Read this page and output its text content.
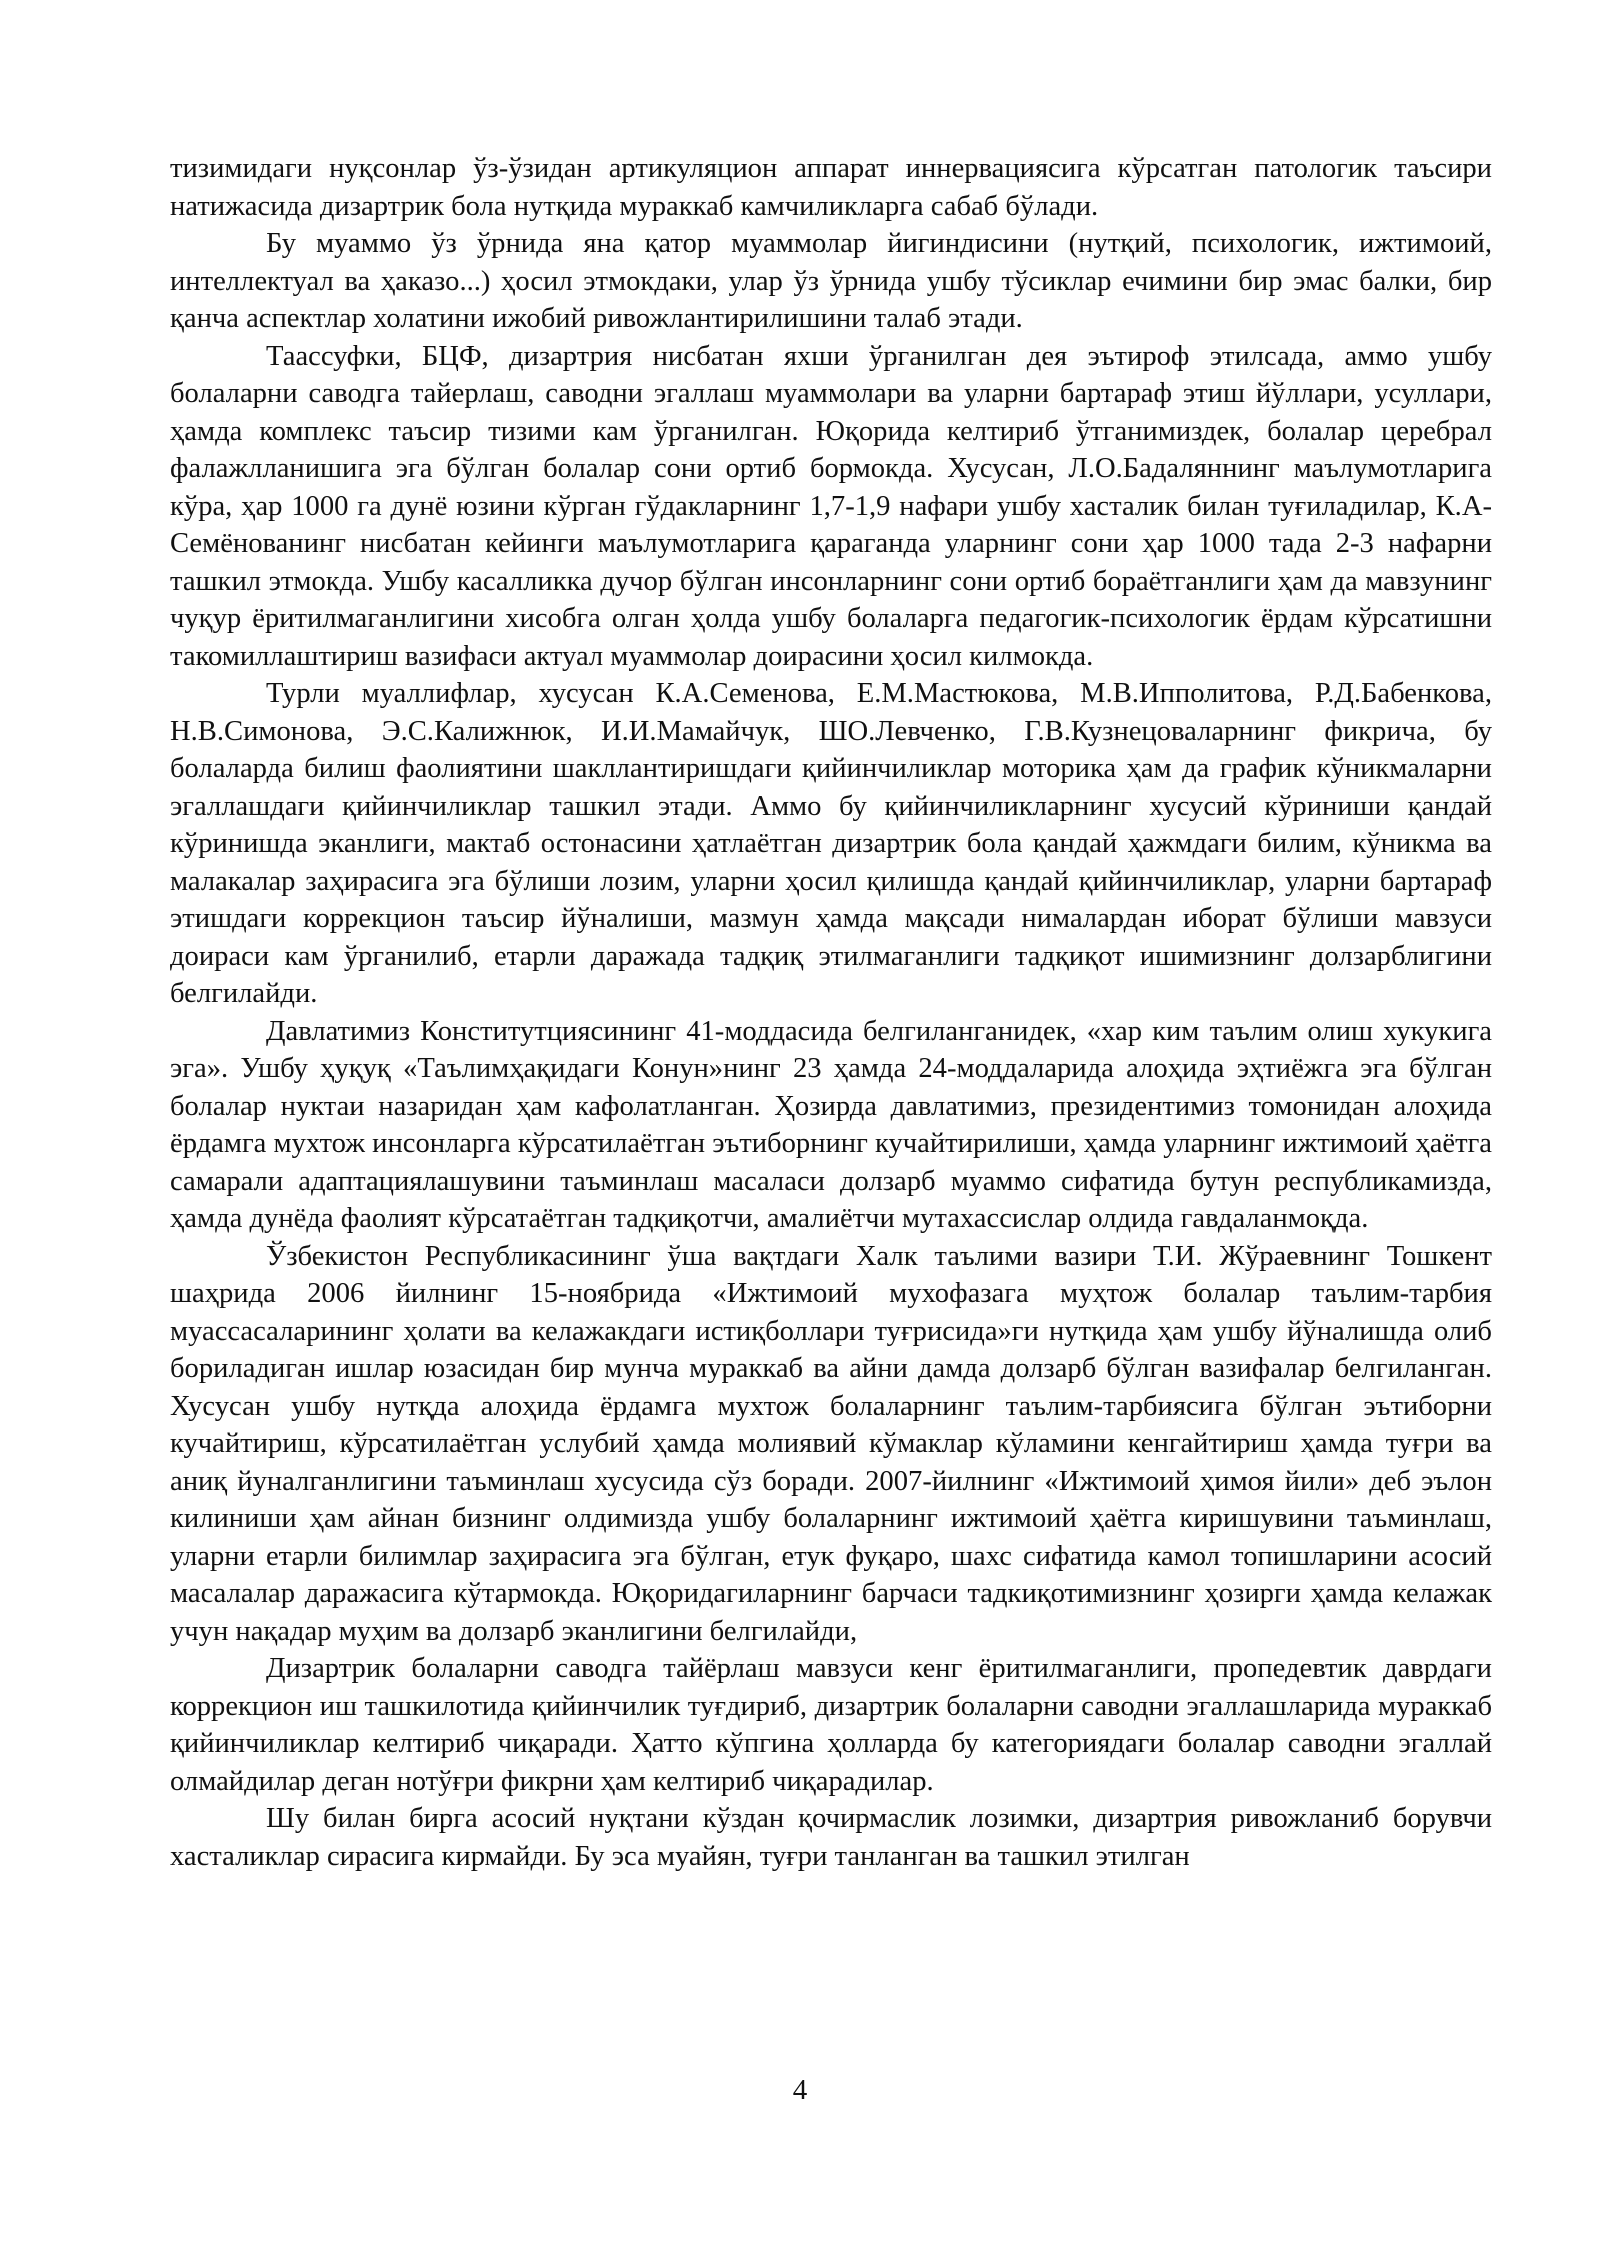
тизимидаги нуқсонлар ўз-ўзидан артикуляцион аппарат иннервациясига кўрсатган патологик таъсири натижасида дизартрик бола нутқида мураккаб камчиликларга сабаб бўлади.

Бу муаммо ўз ўрнида яна қатор муаммолар йигиндисини (нутқий, психологик, ижтимоий, интеллектуал ва ҳаказо...) ҳосил этмокдаки, улар ўз ўрнида ушбу тўсиклар ечимини бир эмас балки, бир қанча аспектлар холатини ижобий ривожлантирилишини талаб этади.

Таассуфки, БЦФ, дизартрия нисбатан яхши ўрганилган дея эътироф этилсада, аммо ушбу болаларни саводга тайерлаш, саводни эгаллаш муаммолари ва уларни бартараф этиш йўллари, усуллари, ҳамда комплекс таъсир тизими кам ўрганилган. Юқорида келтириб ўтганимиздек, болалар церебрал фалажлланишига эга бўлган болалар сони ортиб бормокда. Хусусан, Л.О.Бадаляннинг маълумотларига кўра, ҳар 1000 га дунё юзини кўрган гўдакларнинг 1,7-1,9 нафари ушбу хасталик билан туғиладилар, К.А-Семёнованинг нисбатан кейинги маълумотларига қараганда уларнинг сони ҳар 1000 тада 2-3 нафарни ташкил этмокда. Ушбу касалликка дучор бўлган инсонларнинг сони ортиб бораётганлиги ҳам да мавзунинг чуқур ёритилмаганлигини хисобга олган ҳолда ушбу болаларга педагогик-психологик ёрдам кўрсатишни такомиллаштириш вазифаси актуал муаммолар доирасини ҳосил килмокда.

Турли муаллифлар, хусусан К.А.Семенова, Е.М.Мастюкова, М.В.Ипполитова, Р.Д.Бабенкова, Н.В.Симонова, Э.С.Калижнюк, И.И.Мамайчук, ШО.Левченко, Г.В.Кузнецоваларнинг фикрича, бу болаларда билиш фаолиятини шакллантиришдаги қийинчиликлар моторика ҳам да график кўникмаларни эгаллашдаги қийинчиликлар ташкил этади. Аммо бу қийинчиликларнинг хусусий кўриниши қандай кўринишда эканлиги, мактаб остонасини ҳатлаётган дизартрик бола қандай ҳажмдаги билим, кўникма ва малакалар заҳирасига эга бўлиши лозим, уларни ҳосил қилишда қандай қийинчиликлар, уларни бартараф этишдаги коррекцион таъсир йўналиши, мазмун ҳамда мақсади нималардан иборат бўлиши мавзуси доираси кам ўрганилиб, етарли даражада тадқиқ этилмаганлиги тадқиқот ишимизнинг долзарблигини белгилайди.

Давлатимиз Конститутциясининг 41-моддасида белгиланганидек, «хар ким таълим олиш хукукига эга». Ушбу ҳуқуқ «Таълимҳақидаги Конун»нинг 23 ҳамда 24-моддаларида алоҳида эҳтиёжга эга бўлган болалар нуктаи назаридан ҳам кафолатланган. Ҳозирда давлатимиз, президентимиз томонидан алоҳида ёрдамга мухтож инсонларга кўрсатилаётган эътиборнинг кучайтирилиши, ҳамда уларнинг ижтимоий ҳаётга самарали адаптациялашувини таъминлаш масаласи долзарб муаммо сифатида бутун республикамизда, ҳамда дунёда фаолият кўрсатаётган тадқиқотчи, амалиётчи мутахассислар олдида гавдаланмоқда.

Ўзбекистон Республикасининг ўша вақтдаги Халк таълими вазири Т.И. Жўраевнинг Тошкент шаҳрида 2006 йилнинг 15-ноябрида «Ижтимоий мухофазага муҳтож болалар таълим-тарбия муассасаларининг ҳолати ва келажакдаги истиқболлари туғрисида»ги нутқида ҳам ушбу йўналишда олиб бориладиган ишлар юзасидан бир мунча мураккаб ва айни дамда долзарб бўлган вазифалар белгиланган. Хусусан ушбу нутқда алоҳида ёрдамга мухтож болаларнинг таълим-тарбиясига бўлган эътиборни кучайтириш, кўрсатилаётган услубий ҳамда молиявий кўмаклар кўламини кенгайтириш ҳамда туғри ва аниқ йуналганлигини таъминлаш хусусида сўз боради. 2007-йилнинг «Ижтимоий ҳимоя йили» деб эълон килиниши ҳам айнан бизнинг олдимизда ушбу болаларнинг ижтимоий ҳаётга киришувини таъминлаш, уларни етарли билимлар заҳирасига эга бўлган, етук фуқаро, шахс сифатида камол топишларини асосий масалалар даражасига кўтармокда. Юқоридагиларнинг барчаси тадкиқотимизнинг ҳозирги ҳамда келажак учун нақадар муҳим ва долзарб эканлигини белгилайди,

Дизартрик болаларни саводга тайёрлаш мавзуси кенг ёритилмаганлиги, пропедевтик даврдаги коррекцион иш ташкилотида қийинчилик туғдириб, дизартрик болаларни саводни эгаллашларида мураккаб қийинчиликлар келтириб чиқаради. Ҳатто кўпгина ҳолларда бу категориядаги болалар саводни эгаллай олмайдилар деган нотўғри фикрни ҳам келтириб чиқарадилар.

Шу билан бирга асосий нуқтани кўздан қочирмаслик лозимки, дизартрия ривожланиб борувчи хасталиклар сирасига кирмайди. Бу эса муайян, туғри танланган ва ташкил этилган

4
